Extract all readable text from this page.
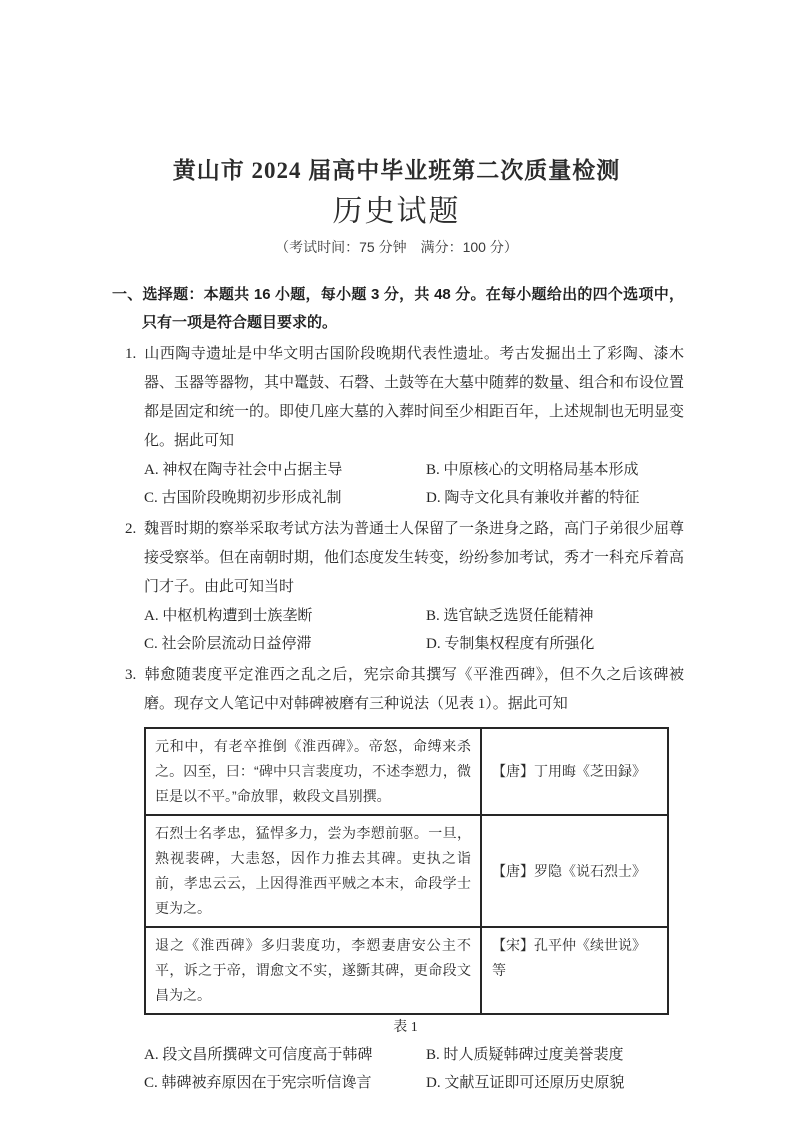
黄山市 2024 届高中毕业班第二次质量检测
历史试题
（考试时间：75 分钟　满分：100 分）
一、选择题：本题共 16 小题，每小题 3 分，共 48 分。在每小题给出的四个选项中，只有一项是符合题目要求的。
1. 山西陶寺遗址是中华文明古国阶段晚期代表性遗址。考古发掘出土了彩陶、漆木器、玉器等器物，其中鼍鼓、石磬、土鼓等在大墓中随葬的数量、组合和布设位置都是固定和统一的。即使几座大墓的入葬时间至少相距百年，上述规制也无明显变化。据此可知
A. 神权在陶寺社会中占据主导	B. 中原核心的文明格局基本形成
C. 古国阶段晚期初步形成礼制	D. 陶寺文化具有兼收并蓄的特征
2. 魏晋时期的察举采取考试方法为普通士人保留了一条进身之路，高门子弟很少屈尊接受察举。但在南朝时期，他们态度发生转变，纷纷参加考试，秀才一科充斥着高门才子。由此可知当时
A. 中枢机构遭到士族垄断	B. 选官缺乏选贤任能精神
C. 社会阶层流动日益停滞	D. 专制集权程度有所强化
3. 韩愈随裴度平定淮西之乱之后，宪宗命其撰写《平淮西碑》，但不久之后该碑被磨。现存文人笔记中对韩碑被磨有三种说法（见表 1）。据此可知
元和中，有老卒推倒《淮西碑》。帝怒，命缚来杀之。囚至，曰：“碑中只言裴度功，不述李愬力，微臣是以不平。”命放罪，敕段文昌别撰。	【唐】丁用晦《芝田録》
石烈士名孝忠，猛悍多力，尝为李愬前驱。一旦，熟视裴碑，大恚怒，因作力推去其碑。吏执之诣前，孝忠云云，上因得淮西平贼之本末，命段学士更为之。	【唐】罗隐《说石烈士》
退之《淮西碑》多归裴度功，李愬妻唐安公主不平，诉之于帝，谓愈文不实，遂斵其碑，更命段文昌为之。	【宋】孔平仲《续世说》等
表 1
A. 段文昌所撰碑文可信度高于韩碑	B. 时人质疑韩碑过度美誉裴度
C. 韩碑被弃原因在于宪宗听信谗言	D. 文献互证即可还原历史原貌
